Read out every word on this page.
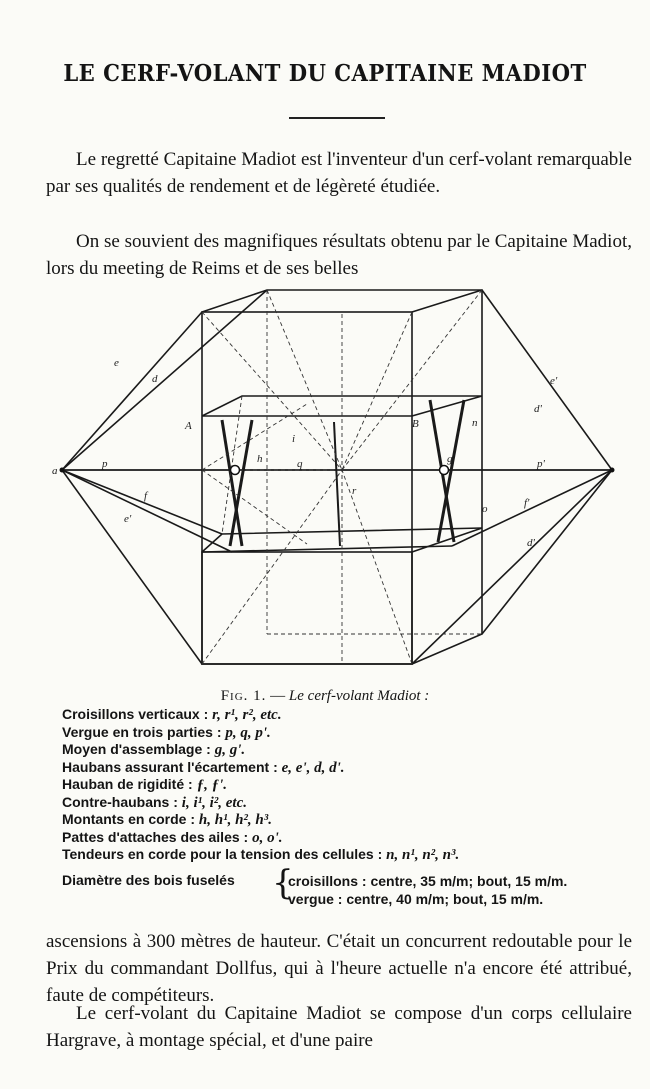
LE CERF-VOLANT DU CAPITAINE MADIOT
Le regretté Capitaine Madiot est l'inventeur d'un cerf-volant remarquable par ses qualités de rendement et de légèreté étudiée.
On se souvient des magnifiques résultats obtenu par le Capitaine Madiot, lors du meeting de Reims et de ses belles
a
A	B
p	q	p'
e
d
d'
e'
f
f'
e'
d'
i
n
h
r
g
o
Fig. 1. — Le cerf-volant Madiot :
Croisillons verticaux : r, r¹, r², etc.
Vergue en trois parties : p, q, p'.
Moyen d'assemblage : g, g'.
Haubans assurant l'écartement : e, e', d, d'.
Hauban de rigidité : ƒ, ƒ'.
Contre-haubans : i, i¹, i², etc.
Montants en corde : h, h¹, h², h³.
Pattes d'attaches des ailes : o, o'.
Tendeurs en corde pour la tension des cellules : n, n¹, n², n³.
Diamètre des bois fuselés {
croisillons : centre, 35 m/m; bout, 15 m/m.
vergue : centre, 40 m/m; bout, 15 m/m.
ascensions à 300 mètres de hauteur. C'était un concurrent redoutable pour le Prix du commandant Dollfus, qui à l'heure actuelle n'a encore été attribué, faute de compétiteurs.
Le cerf-volant du Capitaine Madiot se compose d'un corps cellulaire Hargrave, à montage spécial, et d'une paire
